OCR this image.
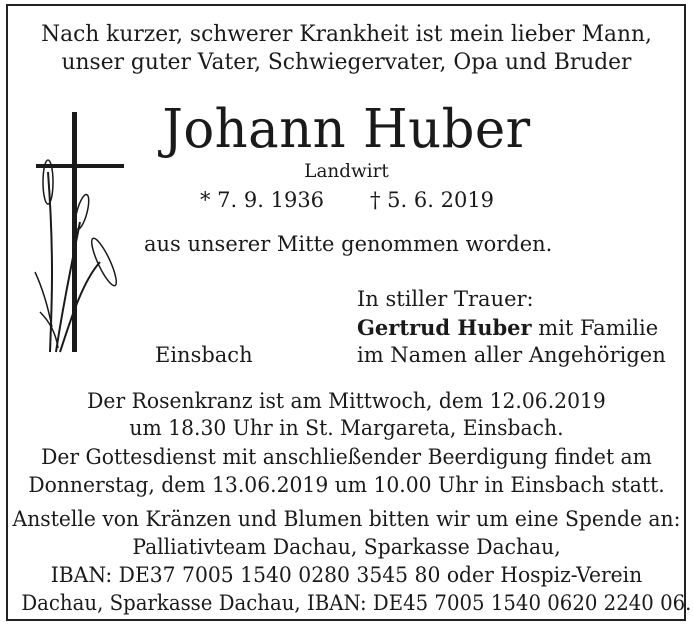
Nach kurzer, schwerer Krankheit ist mein lieber Mann,
unser guter Vater, Schwiegervater, Opa und Bruder
Johann Huber
Landwirt
* 7. 9. 1936 † 5. 6. 2019
aus unserer Mitte genommen worden.
In stiller Trauer:
Gertrud Huber mit Familie
Einsbach	im Namen aller Angehörigen
Der Rosenkranz ist am Mittwoch, dem 12.06.2019
um 18.30 Uhr in St. Margareta, Einsbach.
Der Gottesdienst mit anschließender Beerdigung findet am
Donnerstag, dem 13.06.2019 um 10.00 Uhr in Einsbach statt.
Anstelle von Kränzen und Blumen bitten wir um eine Spende an:
Palliativteam Dachau, Sparkasse Dachau,
IBAN: DE37 7005 1540 0280 3545 80 oder Hospiz-Verein
Dachau, Sparkasse Dachau, IBAN: DE45 7005 1540 0620 2240 06.
